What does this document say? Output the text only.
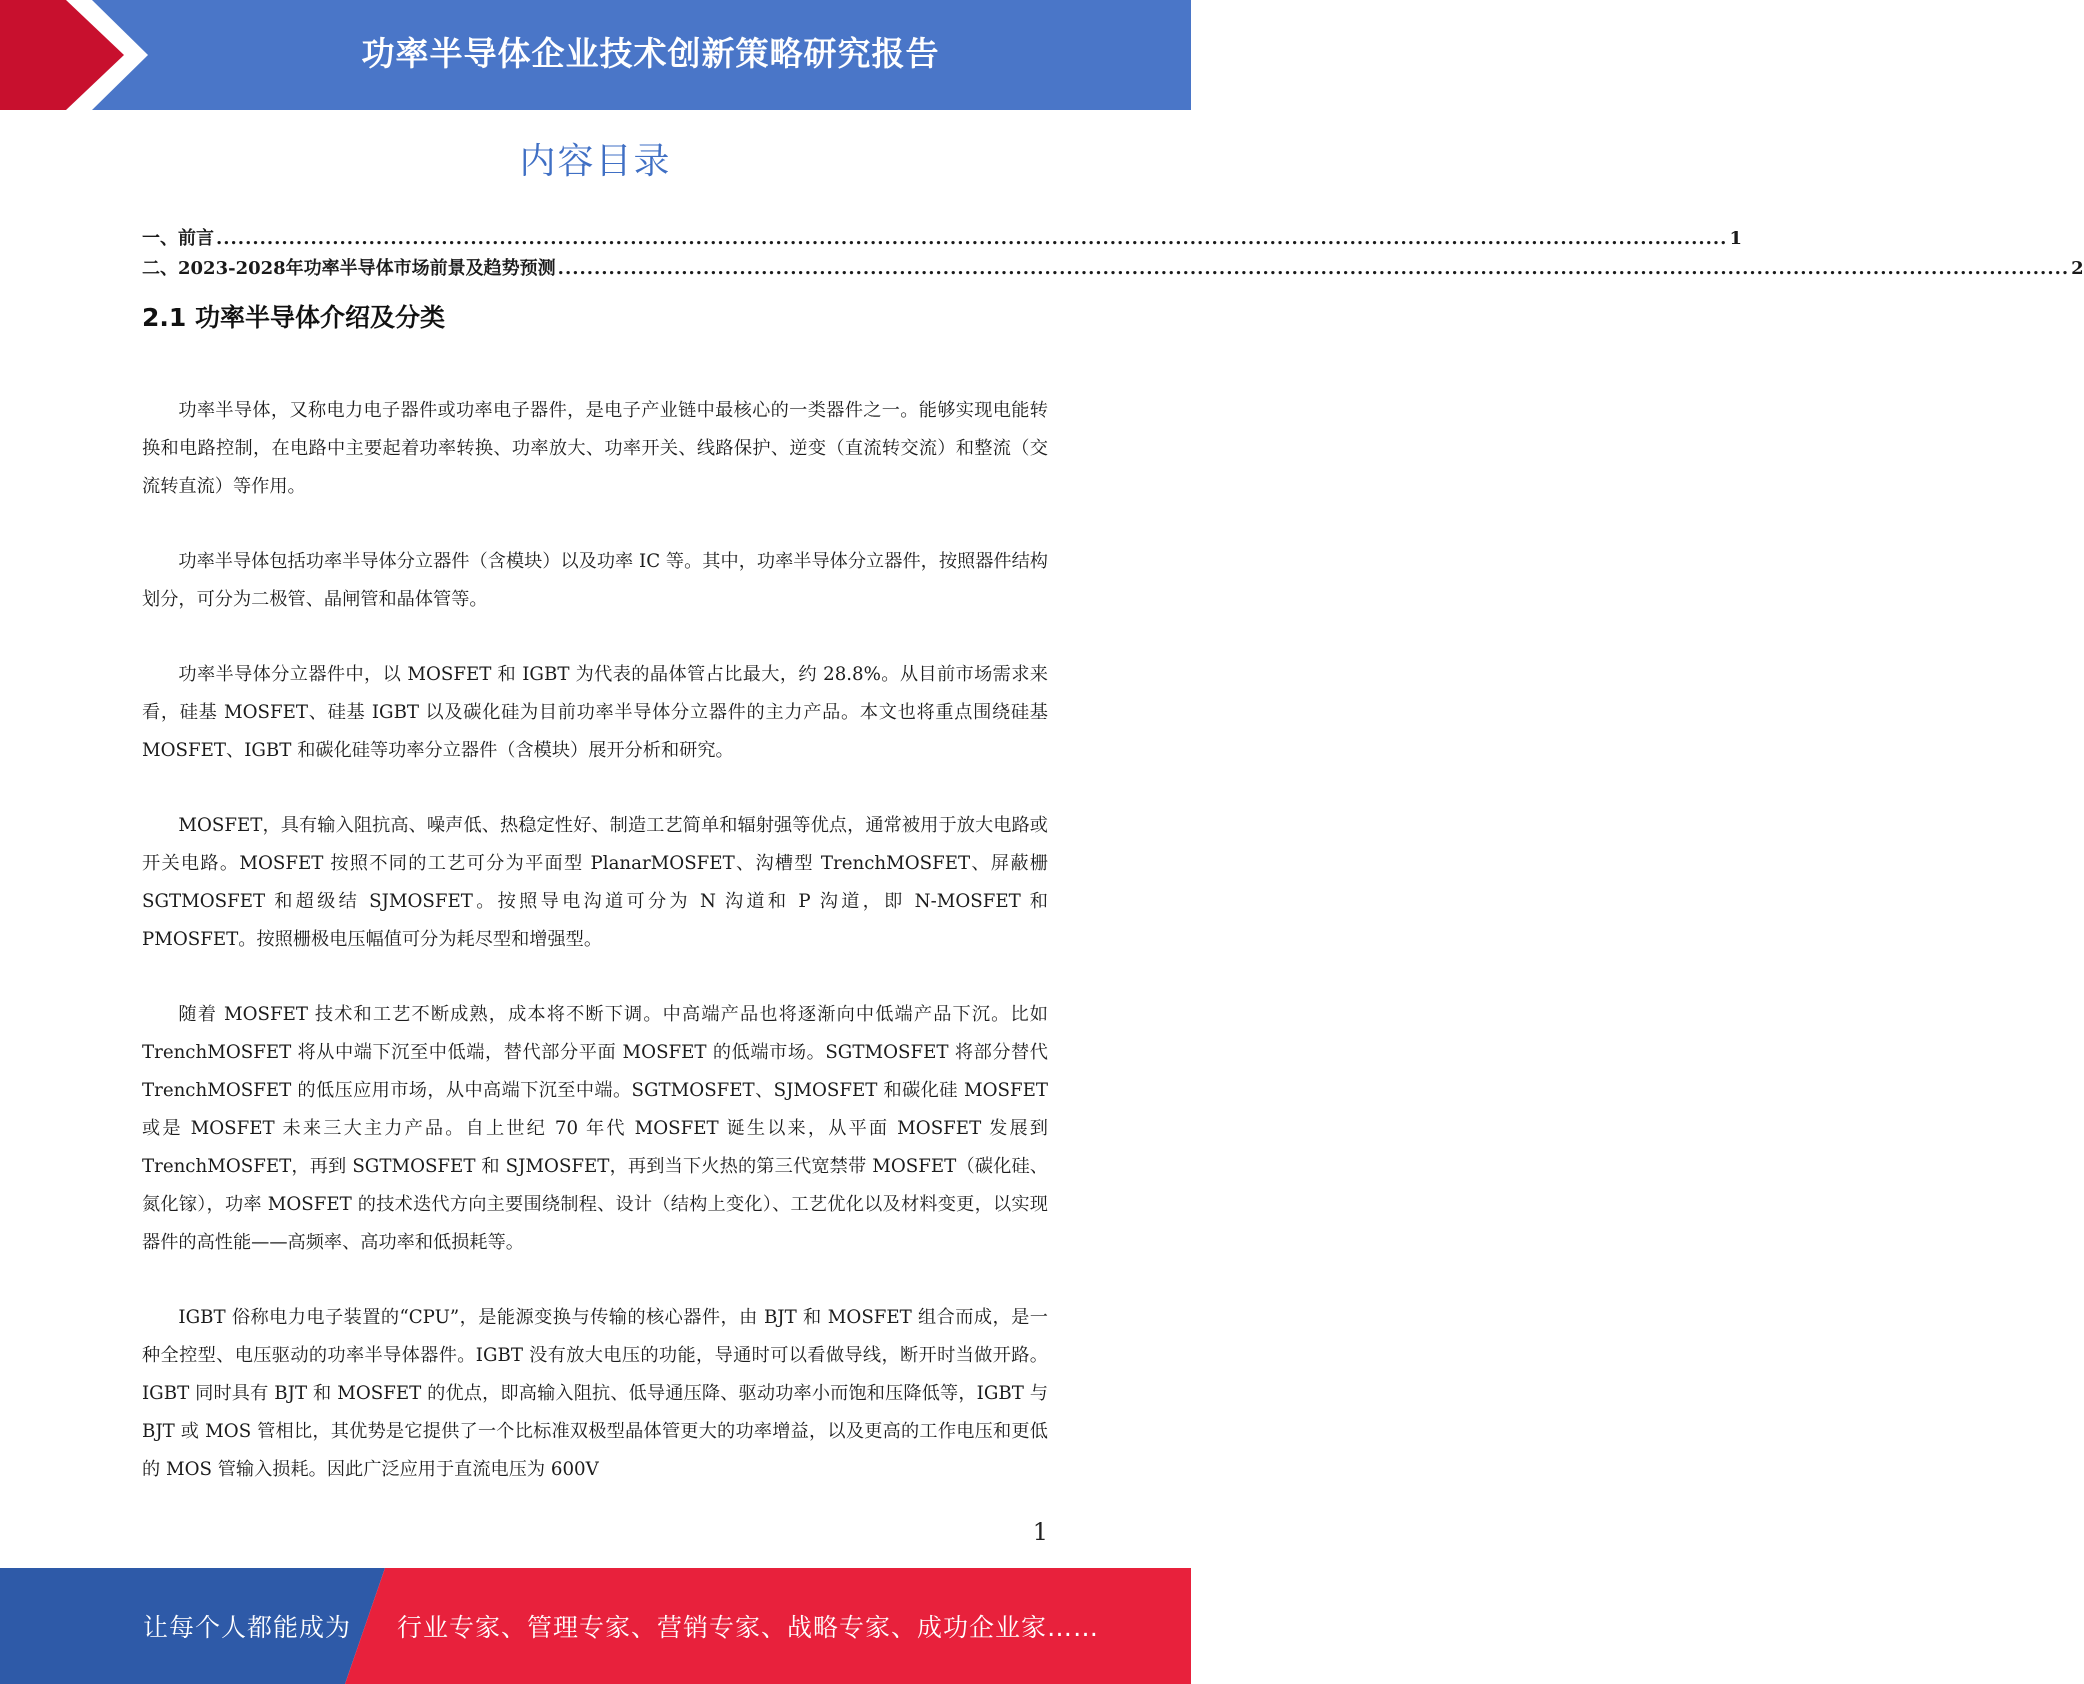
功率半导体企业技术创新策略研究报告
内容目录
一、前言 ................................................................................................................................................................................................................ 1
二、2023-2028年功率半导体市场前景及趋势预测 ................................................................................................................................................................................................................ 2
2.1 功率半导体介绍及分类

功率半导体，又称电力电子器件或功率电子器件，是电子产业链中最核心的一类器件之一。能够实现电能转换和电路控制，在电路中主要起着功率转换、功率放大、功率开关、线路保护、逆变（直流转交流）和整流（交流转直流）等作用。

功率半导体包括功率半导体分立器件（含模块）以及功率 IC 等。其中，功率半导体分立器件，按照器件结构划分，可分为二极管、晶闸管和晶体管等。

功率半导体分立器件中，以 MOSFET 和 IGBT 为代表的晶体管占比最大，约 28.8%。从目前市场需求来看，硅基 MOSFET、硅基 IGBT 以及碳化硅为目前功率半导体分立器件的主力产品。本文也将重点围绕硅基 MOSFET、IGBT 和碳化硅等功率分立器件（含模块）展开分析和研究。

MOSFET，具有输入阻抗高、噪声低、热稳定性好、制造工艺简单和辐射强等优点，通常被用于放大电路或开关电路。MOSFET 按照不同的工艺可分为平面型 PlanarMOSFET、沟槽型 TrenchMOSFET、屏蔽栅 SGTMOSFET 和超级结 SJMOSFET。按照导电沟道可分为 N 沟道和 P 沟道，即 N-MOSFET 和 PMOSFET。按照栅极电压幅值可分为耗尽型和增强型。

随着 MOSFET 技术和工艺不断成熟，成本将不断下调。中高端产品也将逐渐向中低端产品下沉。比如 TrenchMOSFET 将从中端下沉至中低端，替代部分平面 MOSFET 的低端市场。SGTMOSFET 将部分替代 TrenchMOSFET 的低压应用市场，从中高端下沉至中端。SGTMOSFET、SJMOSFET 和碳化硅 MOSFET 或是 MOSFET 未来三大主力产品。自上世纪 70 年代 MOSFET 诞生以来，从平面 MOSFET 发展到 TrenchMOSFET，再到 SGTMOSFET 和 SJMOSFET，再到当下火热的第三代宽禁带 MOSFET（碳化硅、氮化镓），功率 MOSFET 的技术迭代方向主要围绕制程、设计（结构上变化）、工艺优化以及材料变更，以实现器件的高性能——高频率、高功率和低损耗等。

IGBT 俗称电力电子装置的“CPU”，是能源变换与传输的核心器件，由 BJT 和 MOSFET 组合而成，是一种全控型、电压驱动的功率半导体器件。IGBT 没有放大电压的功能，导通时可以看做导线，断开时当做开路。IGBT 同时具有 BJT 和 MOSFET 的优点，即高输入阻抗、低导通压降、驱动功率小而饱和压降低等，IGBT 与 BJT 或 MOS 管相比，其优势是它提供了一个比标准双极型晶体管更大的功率增益，以及更高的工作电压和更低的 MOS 管输入损耗。因此广泛应用于直流电压为 600V

1
让每个人都能成为 行业专家、管理专家、营销专家、战略专家、成功企业家……
